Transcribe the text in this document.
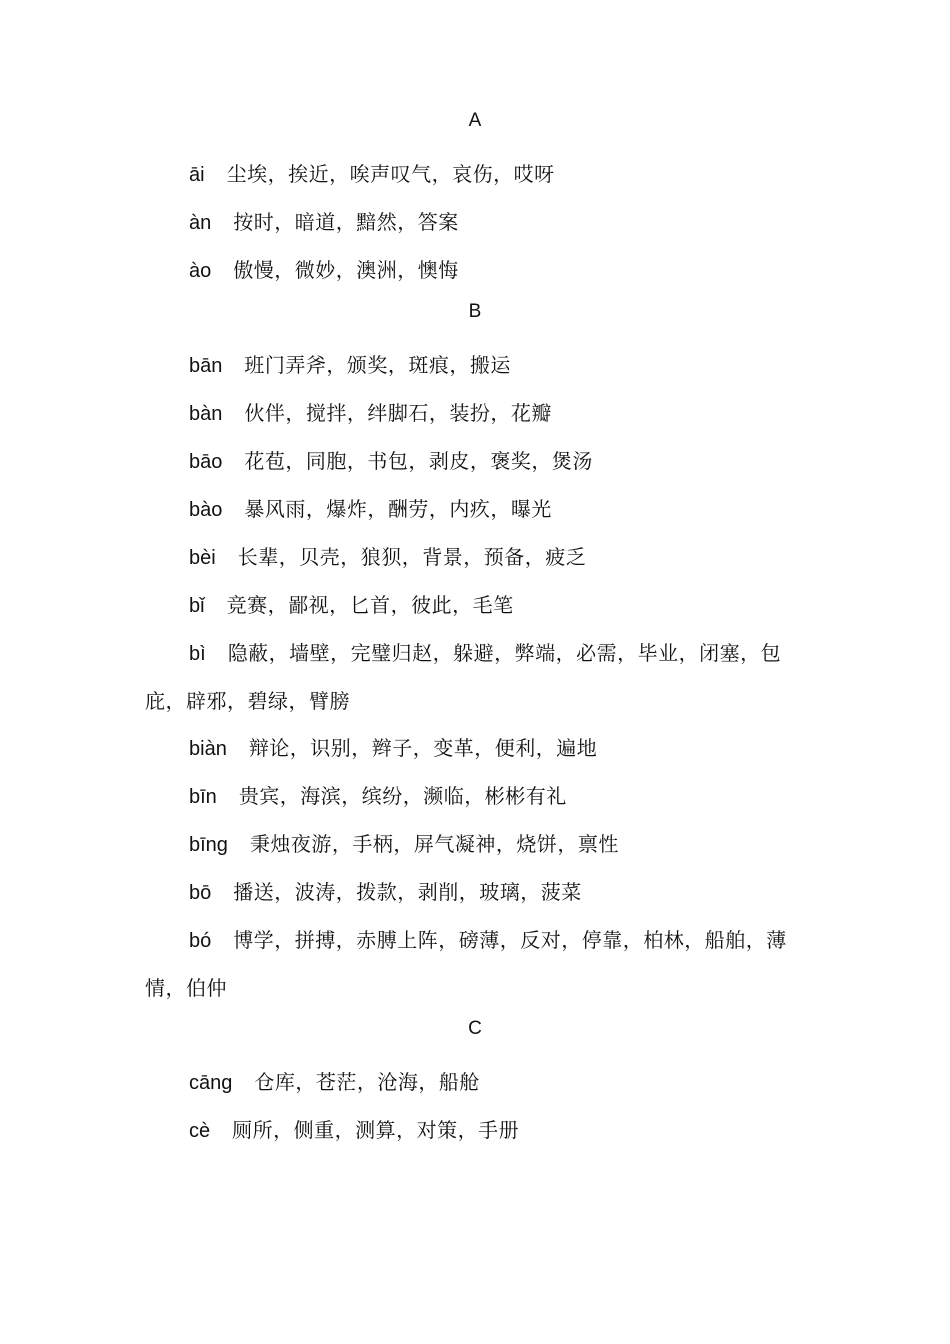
A

āi 尘埃，挨近，唉声叹气，哀伤，哎呀

àn 按时，暗道，黯然，答案

ào 傲慢，微妙，澳洲，懊悔

B

bān 班门弄斧，颁奖，斑痕，搬运

bàn 伙伴，搅拌，绊脚石，装扮，花瓣

bāo 花苞，同胞，书包，剥皮，褒奖，煲汤

bào 暴风雨，爆炸，酬劳，内疚，曝光

bèi 长辈，贝壳，狼狈，背景，预备，疲乏

bǐ 竞赛，鄙视，匕首，彼此，毛笔

bì 隐蔽，墙壁，完璧归赵，躲避，弊端，必需，毕业，闭塞，包庇，辟邪，碧绿，臂膀

biàn 辩论，识别，辫子，变革，便利，遍地

bīn 贵宾，海滨，缤纷，濒临，彬彬有礼

bīng 秉烛夜游，手柄，屏气凝神，烧饼，禀性

bō 播送，波涛，拨款，剥削，玻璃，菠菜

bó 博学，拼搏，赤膊上阵，磅薄，反对，停靠，柏林，船舶，薄情，伯仲

C

cāng 仓库，苍茫，沧海，船舱

cè 厕所，侧重，测算，对策，手册
